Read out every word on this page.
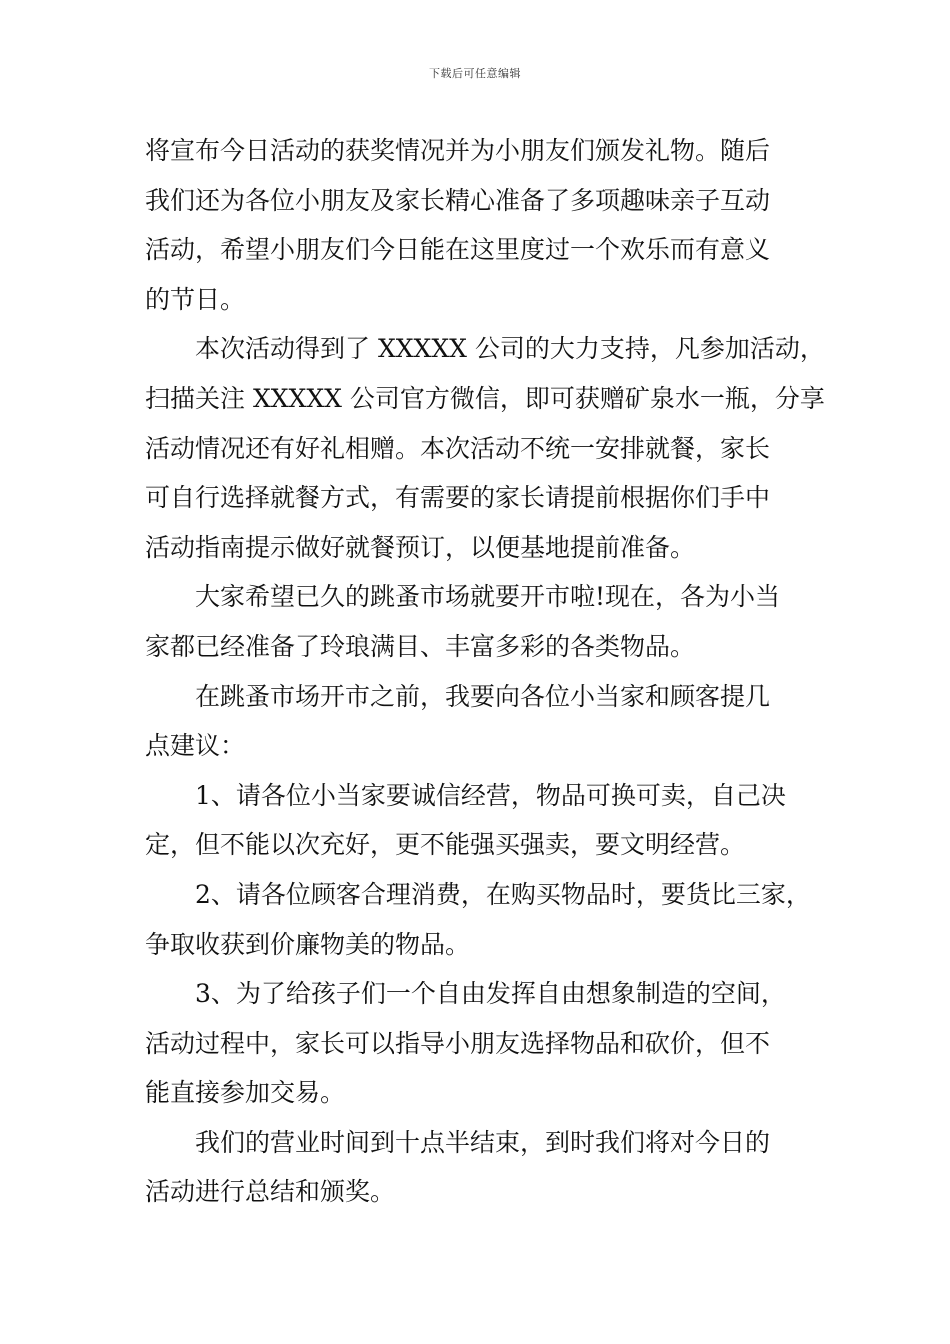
下载后可任意编辑
将宣布今日活动的获奖情况并为小朋友们颁发礼物。随后
我们还为各位小朋友及家长精心准备了多项趣味亲子互动
活动，希望小朋友们今日能在这里度过一个欢乐而有意义
的节日。
本次活动得到了 XXXXX 公司的大力支持，凡参加活动，
扫描关注 XXXXX 公司官方微信，即可获赠矿泉水一瓶，分享
活动情况还有好礼相赠。本次活动不统一安排就餐，家长
可自行选择就餐方式，有需要的家长请提前根据你们手中
活动指南提示做好就餐预订，以便基地提前准备。
大家希望已久的跳蚤市场就要开市啦!现在，各为小当
家都已经准备了玲琅满目、丰富多彩的各类物品。
在跳蚤市场开市之前，我要向各位小当家和顾客提几
点建议：
1、请各位小当家要诚信经营，物品可换可卖，自己决
定，但不能以次充好，更不能强买强卖，要文明经营。
2、请各位顾客合理消费，在购买物品时，要货比三家，
争取收获到价廉物美的物品。
3、为了给孩子们一个自由发挥自由想象制造的空间，
活动过程中，家长可以指导小朋友选择物品和砍价，但不
能直接参加交易。
我们的营业时间到十点半结束，到时我们将对今日的
活动进行总结和颁奖。
